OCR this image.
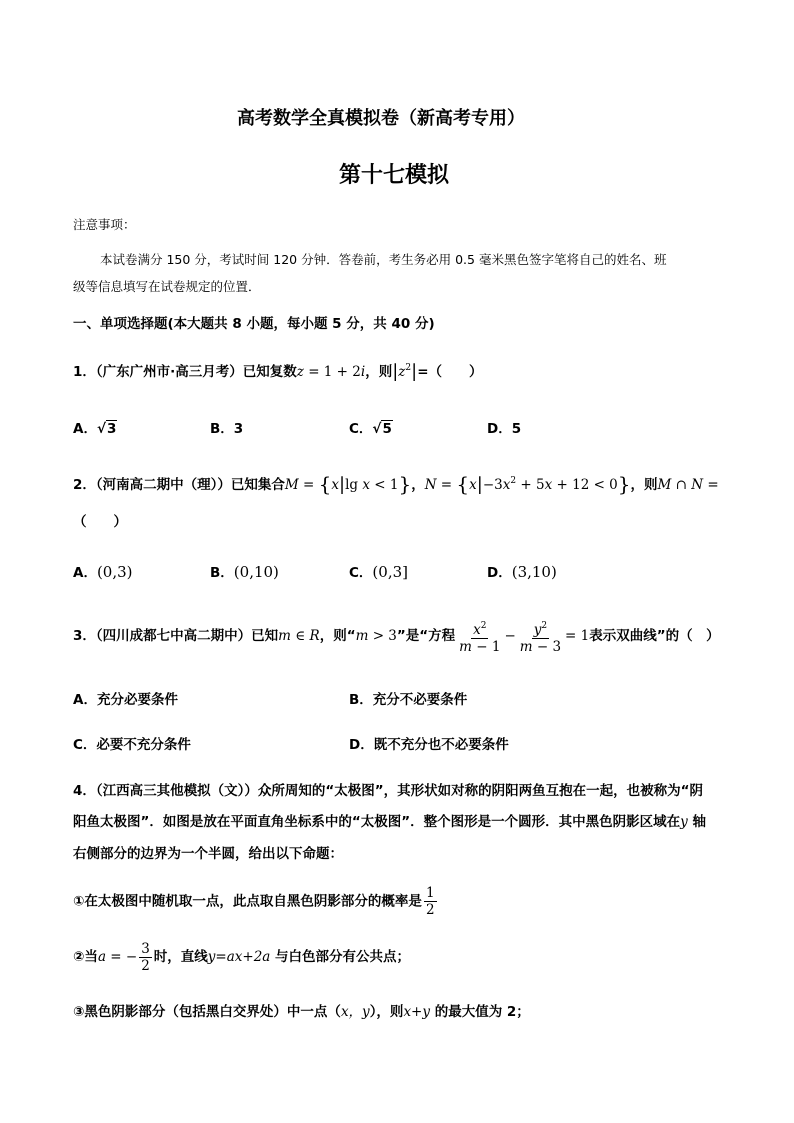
高考数学全真模拟卷（新高考专用）
第十七模拟
注意事项：
本试卷满分 150 分，考试时间 120 分钟．答卷前，考生务必用 0.5 毫米黑色签字笔将自己的姓名、班
级等信息填写在试卷规定的位置．
一、单项选择题(本大题共 8 小题，每小题 5 分，共 40 分)
1．（广东广州市·高三月考）已知复数z = 1 + 2i，则$|z^2|=$（　　）
A．√3	B．3	C．√5	D．5
2．（河南高二期中（理））已知集合M = {x|lg x < 1}，$N = \{x|-3x^2 + 5x + 12 < 0\}$，则M ∩ N =
（　　）
A．(0,3)	B．(0,10)	C．(0,3]	D．(3,10)
3．（四川成都七中高二期中）已知m ∈ R，则“m > 3”是“方程 $\frac{x^2}{m - 1} - \frac{y^2}{m - 3} = 1$表示双曲线”的（　）
A．充分必要条件	B．充分不必要条件
C．必要不充分条件	D．既不充分也不必要条件
4．（江西高三其他模拟（文））众所周知的“太极图”，其形状如对称的阴阳两鱼互抱在一起，也被称为“阴
阳鱼太极图”．如图是放在平面直角坐标系中的“太极图”．整个图形是一个圆形．其中黑色阴影区域在y 轴
右侧部分的边界为一个半圆，给出以下命题：
①在太极图中随机取一点，此点取自黑色阴影部分的概率是 $\frac{1}{2}$
②当a = − $\frac{3}{2}$ 时，直线y=ax+2a 与白色部分有公共点；
③黑色阴影部分（包括黑白交界处）中一点（x，y），则x+y 的最大值为 2；
